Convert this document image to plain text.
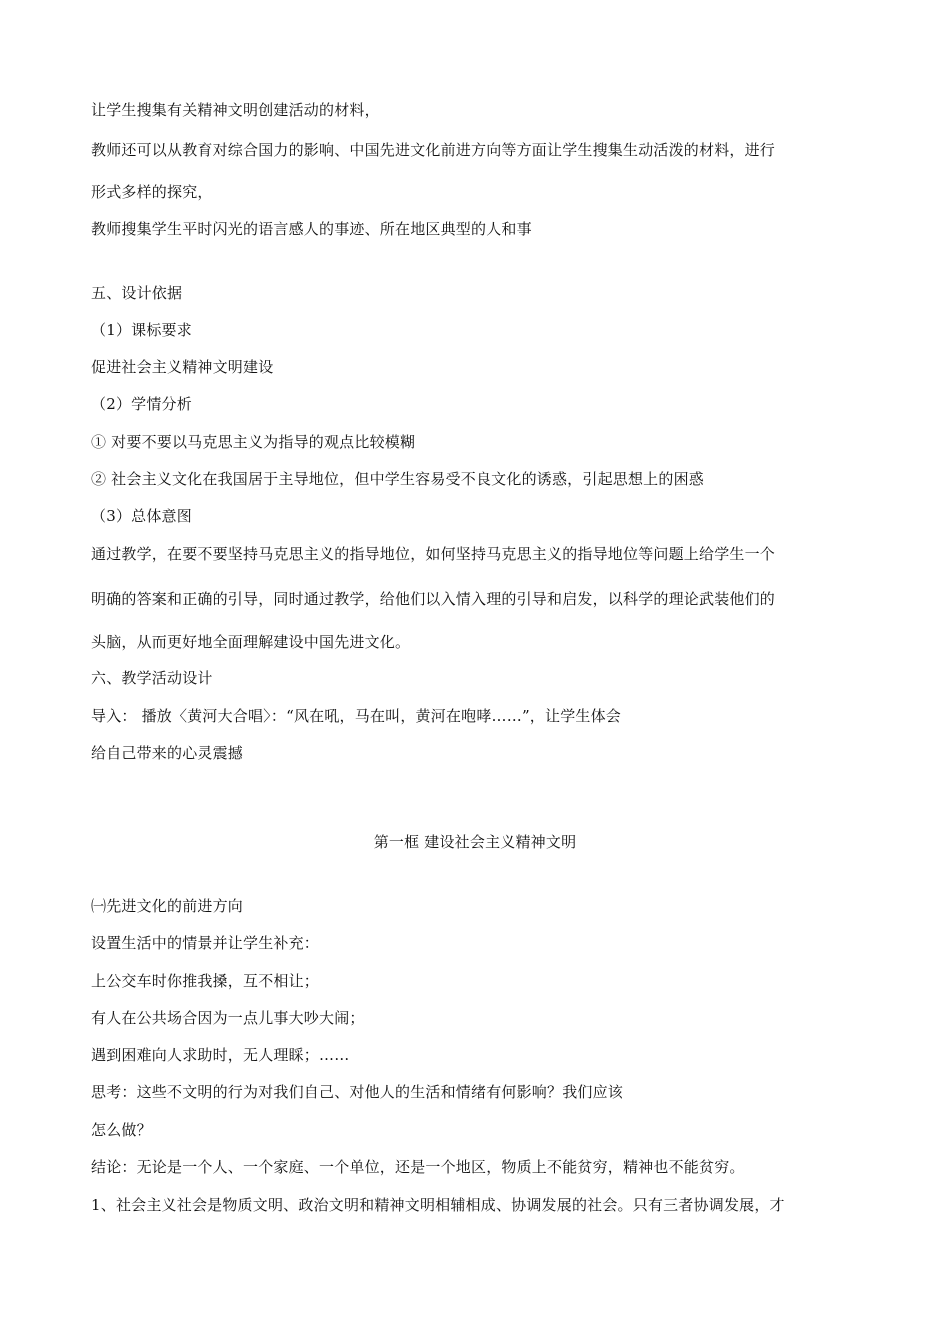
让学生搜集有关精神文明创建活动的材料，
教师还可以从教育对综合国力的影响、中国先进文化前进方向等方面让学生搜集生动活泼的材料，进行
形式多样的探究，
教师搜集学生平时闪光的语言感人的事迹、所在地区典型的人和事
五、设计依据
（1）课标要求
促进社会主义精神文明建设
（2）学情分析
① 对要不要以马克思主义为指导的观点比较模糊
② 社会主义文化在我国居于主导地位，但中学生容易受不良文化的诱惑，引起思想上的困惑
（3）总体意图
通过教学，在要不要坚持马克思主义的指导地位，如何坚持马克思主义的指导地位等问题上给学生一个
明确的答案和正确的引导，同时通过教学，给他们以入情入理的引导和启发，以科学的理论武装他们的
头脑，从而更好地全面理解建设中国先进文化。
六、教学活动设计
导入： 播放〈黄河大合唱〉：“风在吼，马在叫，黄河在咆哮……”，让学生体会
给自己带来的心灵震撼
第一框 建设社会主义精神文明
㈠先进文化的前进方向
设置生活中的情景并让学生补充：
上公交车时你推我搡，互不相让；
有人在公共场合因为一点儿事大吵大闹；
遇到困难向人求助时，无人理睬；……
思考：这些不文明的行为对我们自己、对他人的生活和情绪有何影响？我们应该
怎么做？
结论：无论是一个人、一个家庭、一个单位，还是一个地区，物质上不能贫穷，精神也不能贫穷。
1、社会主义社会是物质文明、政治文明和精神文明相辅相成、协调发展的社会。只有三者协调发展，才
